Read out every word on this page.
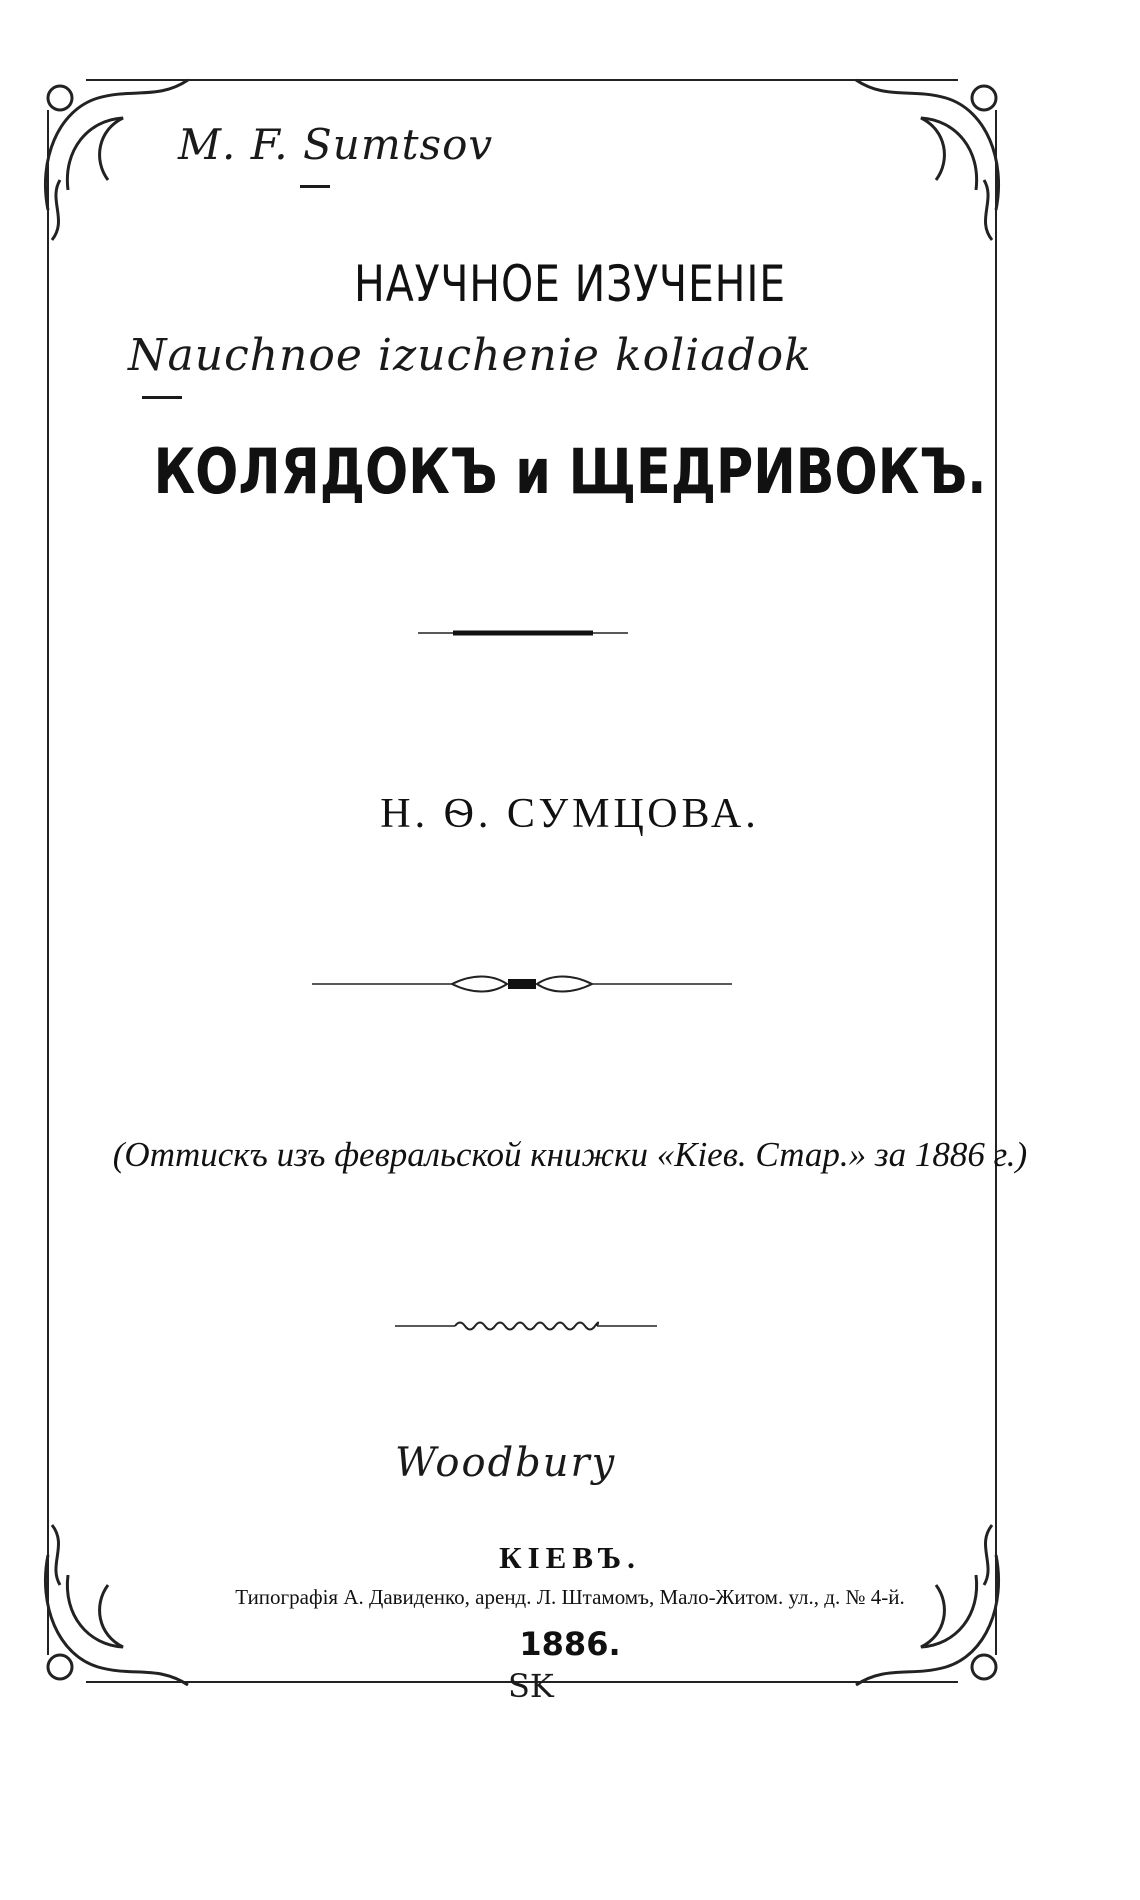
M. F. Sumtsov
НАУЧНОЕ ИЗУЧЕНІЕ
Nauchnoe izuchenie koliadok
КОЛЯДОКЪ и ЩЕДРИВОКЪ.
Н. Ѳ. СУМЦОВА.
(Оттискъ изъ февральской книжки «Кіев. Стар.» за 1886 г.)
Woodbury
КІЕВЪ.
Типографія А. Давиденко, аренд. Л. Штамомъ, Мало-Житом. ул., д. № 4-й.
1886.
SK
